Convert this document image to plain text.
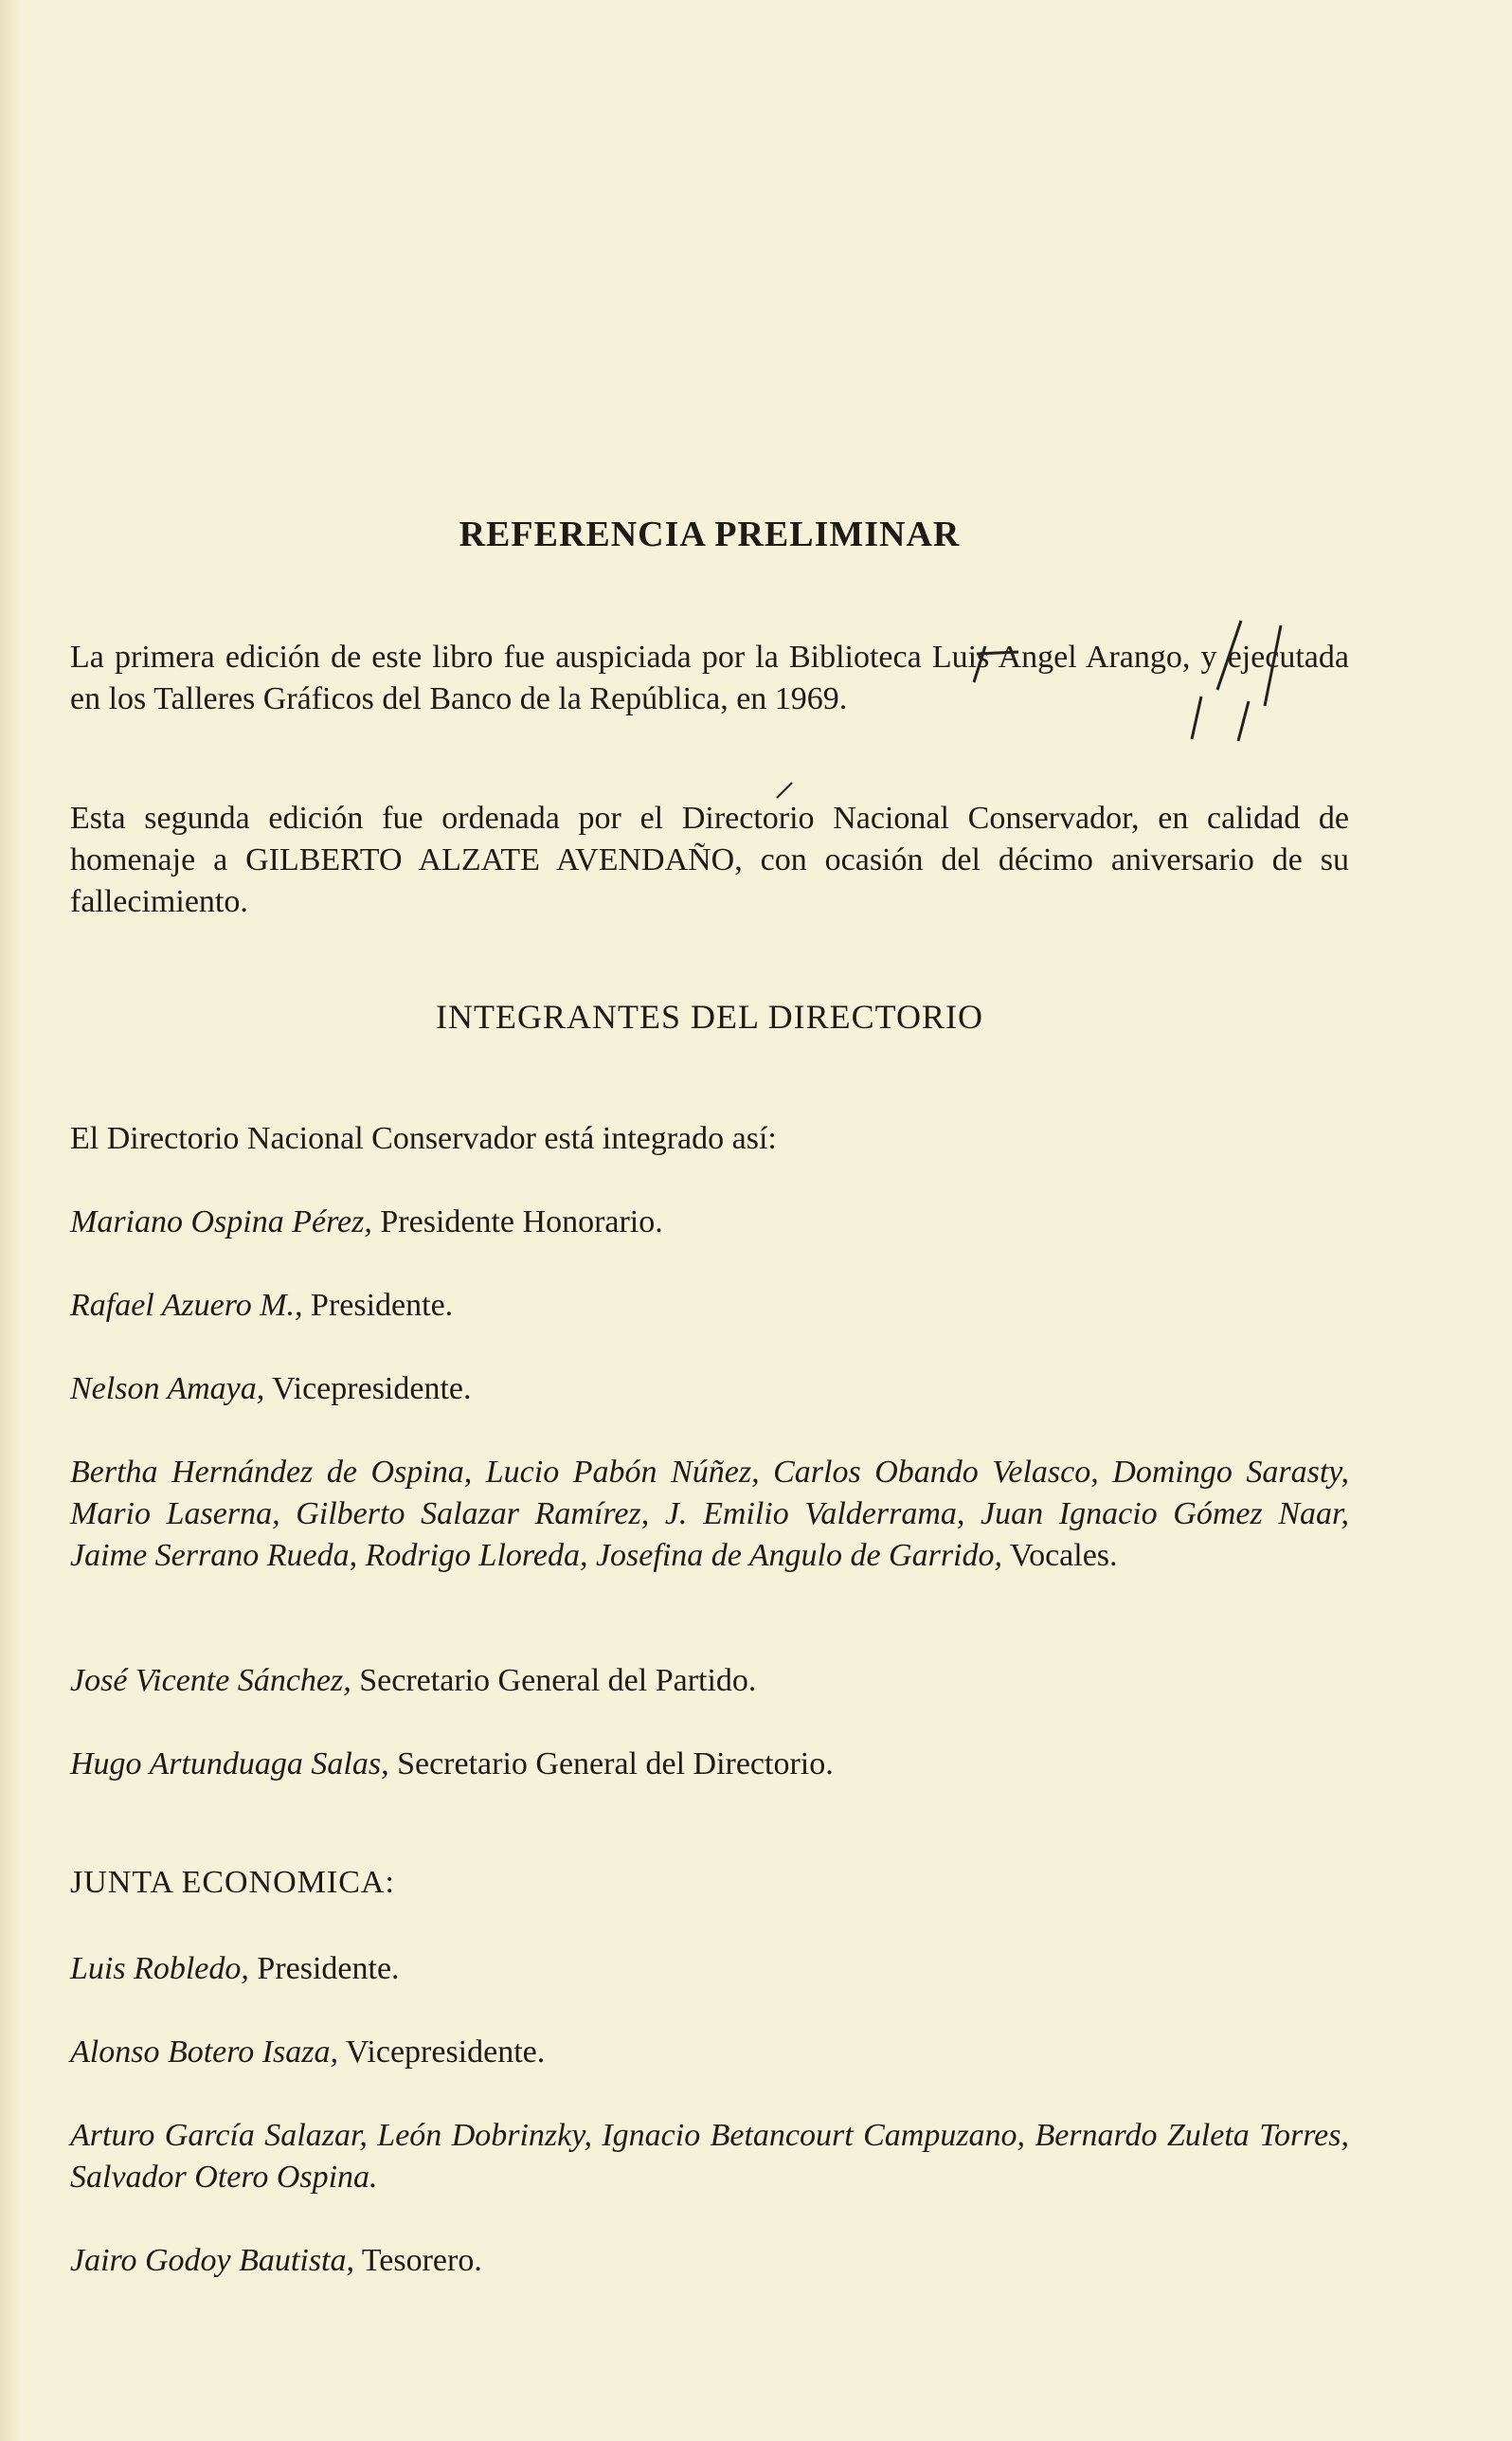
REFERENCIA PRELIMINAR

La primera edición de este libro fue auspiciada por la Biblioteca Luis Angel Arango, y ejecutada en los Talleres Gráficos del Banco de la República, en 1969.

Esta segunda edición fue ordenada por el Directorio Nacional Conservador, en calidad de homenaje a GILBERTO ALZATE AVENDAÑO, con ocasión del décimo aniversario de su fallecimiento.

INTEGRANTES DEL DIRECTORIO

El Directorio Nacional Conservador está integrado así:

Mariano Ospina Pérez, Presidente Honorario.

Rafael Azuero M., Presidente.

Nelson Amaya, Vicepresidente.

Bertha Hernández de Ospina, Lucio Pabón Núñez, Carlos Obando Velasco, Domingo Sarasty, Mario Laserna, Gilberto Salazar Ramírez, J. Emilio Valderrama, Juan Ignacio Gómez Naar, Jaime Serrano Rueda, Rodrigo Lloreda, Josefina de Angulo de Garrido, Vocales.

José Vicente Sánchez, Secretario General del Partido.

Hugo Artunduaga Salas, Secretario General del Directorio.

JUNTA ECONOMICA:

Luis Robledo, Presidente.

Alonso Botero Isaza, Vicepresidente.

Arturo García Salazar, León Dobrinzky, Ignacio Betancourt Campuzano, Bernardo Zuleta Torres, Salvador Otero Ospina.

Jairo Godoy Bautista, Tesorero.
